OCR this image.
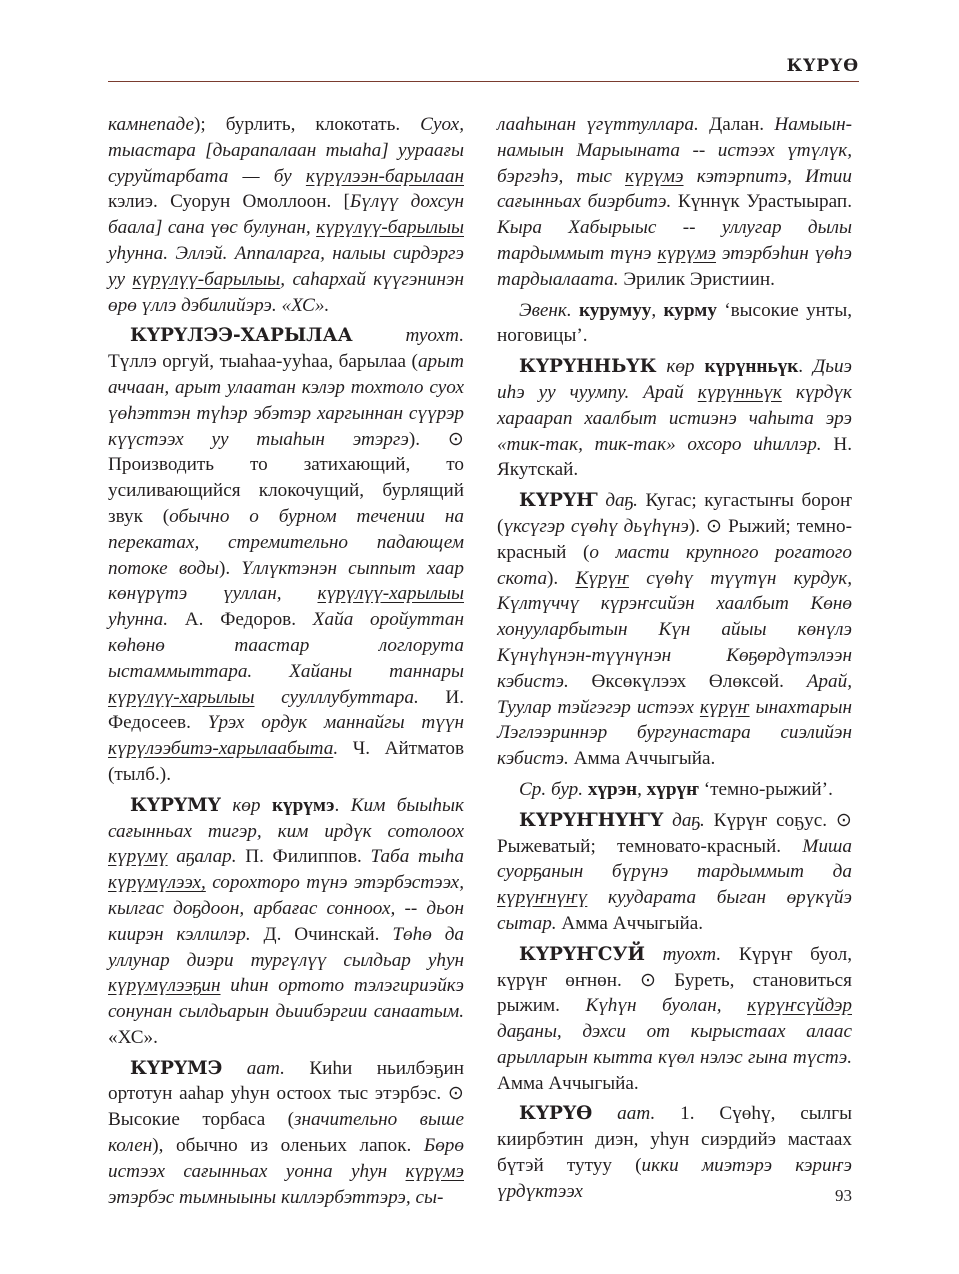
КҮРҮӨ

камнепаде); бурлить, клокотать. Суох, тыастара [дьарапалаан тыаһа] уураағы суруйтарбата — бу күрүлээн-барылаан кэлиэ. Суорун Омоллоон. [Бүлүү дохсун баала] сана үөс булунан, күрүлүү-барылыы уһунна. Эллэй. Аппаларга, налыы сирдэргэ уу күрүлүү-барылыы, саһархай күүгэнинэн өрө үллэ дэбилийэрэ. «ХС».

КҮРҮЛЭЭ-ХАРЫЛАА туохт. Түллэ оргуй, тыаһаа-ууһаа, барылаа (арыт аччаан, арыт улаатан кэлэр тохтоло суох үөһэттэн түһэр эбэтэр харгыннан сүүрэр күүстээх уу тыаһын этэргэ). ⊙ Производить то затихающий, то усиливающийся клокочущий, бурлящий звук (обычно о бурном течении на перекатах, стремительно падающем потоке воды). Үллүктэнэн сыппыт хаар көнүрүтэ үуллан, күрүлүү-харылыы уһунна. А. Федоров. Хайа оройуттан көһөнө таастар логлорута ыстаммыттара. Хайаны таннары күрүлүү-харылыы суулллубуттара. И. Федосеев. Үрэх ордук маннайгы түүн күрүлээбитэ-харылаабыта. Ч. Айтматов (тылб.).

КҮРҮМҮ көр күрүмэ. Ким быыһык сағынньах тигэр, ким ирдүк сотолоох күрүмү аҕалар. П. Филиппов. Таба тыһа күрүмүлээх, сорохторо түнэ этэрбэстээх, кылгас доҕдоон, арбағас сонноох, -- дьон киирэн кэллилэр. Д. Очинскай. Төһө да уллунар диэри тургүлүү сылдьар уһун күрүмүлээҕин иһин ортото тэлэгириэйкэ сонунан сылдьарын дьиибэргии санаатым. «ХС».

КҮРҮМЭ аат. Киһи ньилбэҕин ортотун ааһар уһун остоох тыс этэрбэс. ⊙ Высокие торбаса (значительно выше колен), обычно из оленьих лапок. Бөрө истээх сағынньах уонна уһун күрүмэ этэрбэс тымныыны киллэрбэттэрэ, сы-

лааһынан үгүттуллара. Далан. Намыын-намыын Марыыната -- истээх үтүлүк, бэргэһэ, тыс күрүмэ кэтэрпитэ, Итии сағынньах биэрбитэ. Күннүк Урастыырап. Кыра Хабырыыс -- уллугар дылы тардыммыт түнэ күрүмэ этэрбэһин үөһэ тардыалаата. Эрилик Эристиин.

Эвенк. курумуу, курму ‘высокие унты, ноговицы’.

КҮРҮННЬҮК көр күрүнньүк. Дьиэ иһэ уу чуумпу. Арай күрүнньүк күрдүк хараарап хаалбыт истиэнэ чаһыта эрэ «тик-так, тик-так» охсоро иһиллэр. Н. Якутскай.

КҮРҮҤ даҕ. Кугас; кугастыҥы бороҥ (үксүгэр сүөһү дьүһүнэ). ⊙ Рыжий; темно-красный (о масти крупного рогатого скота). Күрүҥ сүөһү түүтүн курдук, Күлтүччү күрэҥсийэн хаалбыт Көнө хонууларбытын Күн айыы көнүлэ Күнүһүнэн-түүнүнэн Көҕөрдүтэлээн кэбистэ. Өксөкүлээх Өлөксөй. Арай, Туулар тэйгэгэр истээх күрүҥ ынахтарын Лэглээриннэр бургунастара сиэлийэн кэбистэ. Амма Аччыгыйа.

Ср. бур. хүрэн, хүрүҥ ‘темно-рыжий’.

КҮРҮҤНҮҤҮ даҕ. Күрүҥ соҕус. ⊙ Рыжеватый; темновато-красный. Миша суорҕанын бүрүнэ тардыммыт да күрүҥнүҥү куударата быган өрүкүйэ сытар. Амма Аччыгыйа.

КҮРҮҤСУЙ туохт. Күрүҥ буол, күрүҥ өҥнөн. ⊙ Буреть, становиться рыжим. Күһүн буолан, күрүҥсүйдэр даҕаны, дэхси от кырыстаах алаас арылларын кытта күөл нэлэс гына түстэ. Амма Аччыгыйа.

КҮРҮӨ аат. 1. Сүөһү, сылгы киирбэтин диэн, уһун сиэрдийэ мастаах бүтэй тутуу (икки миэтэрэ кэриҥэ үрдүктээх	93
